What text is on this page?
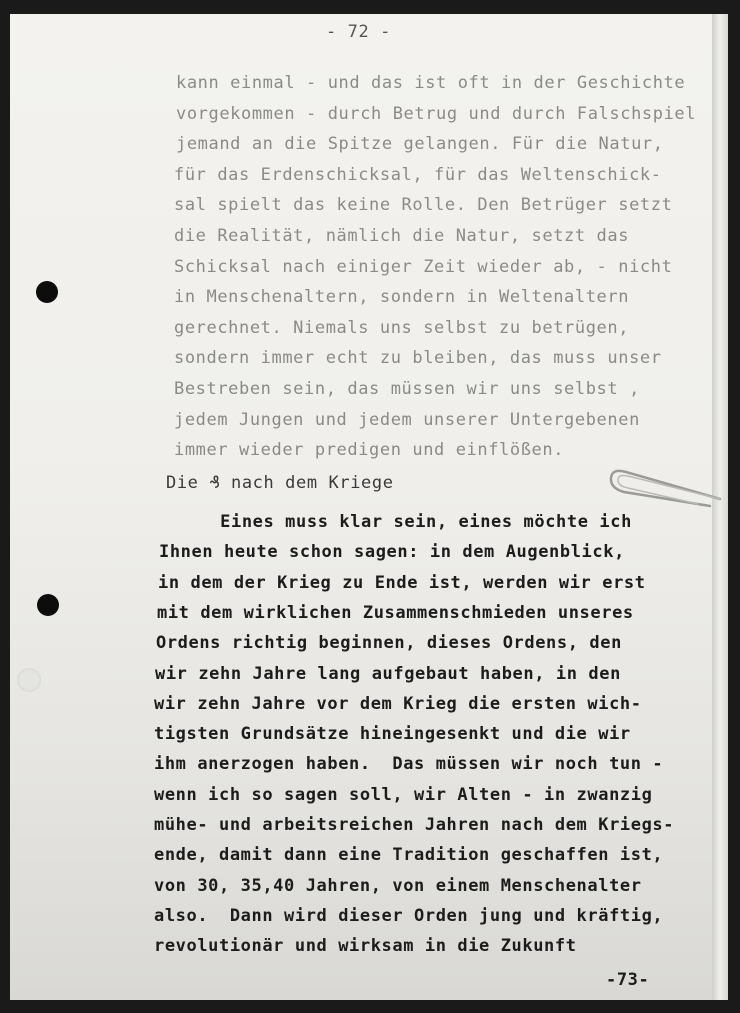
- 72 -
kann einmal - und das ist oft in der Geschichte
vorgekommen - durch Betrug und durch Falschspiel
jemand an die Spitze gelangen. Für die Natur,
für das Erdenschicksal, für das Weltenschick-
sal spielt das keine Rolle. Den Betrüger setzt
die Realität, nämlich die Natur, setzt das
Schicksal nach einiger Zeit wieder ab, - nicht
in Menschenaltern, sondern in Weltenaltern
gerechnet. Niemals uns selbst zu betrügen,
sondern immer echt zu bleiben, das muss unser
Bestreben sein, das müssen wir uns selbst ,
jedem Jungen und jedem unserer Untergebenen
immer wieder predigen und einflößen.
Die ₰ nach dem Kriege
Eines muss klar sein, eines möchte ich
Ihnen heute schon sagen: in dem Augenblick,
in dem der Krieg zu Ende ist, werden wir erst
mit dem wirklichen Zusammenschmieden unseres
Ordens richtig beginnen, dieses Ordens, den
wir zehn Jahre lang aufgebaut haben, in den
wir zehn Jahre vor dem Krieg die ersten wich-
tigsten Grundsätze hineingesenkt und die wir
ihm anerzogen haben.  Das müssen wir noch tun -
wenn ich so sagen soll, wir Alten - in zwanzig
mühe- und arbeitsreichen Jahren nach dem Kriegs-
ende, damit dann eine Tradition geschaffen ist,
von 30, 35,40 Jahren, von einem Menschenalter
also.  Dann wird dieser Orden jung und kräftig,
revolutionär und wirksam in die Zukunft
-73-
